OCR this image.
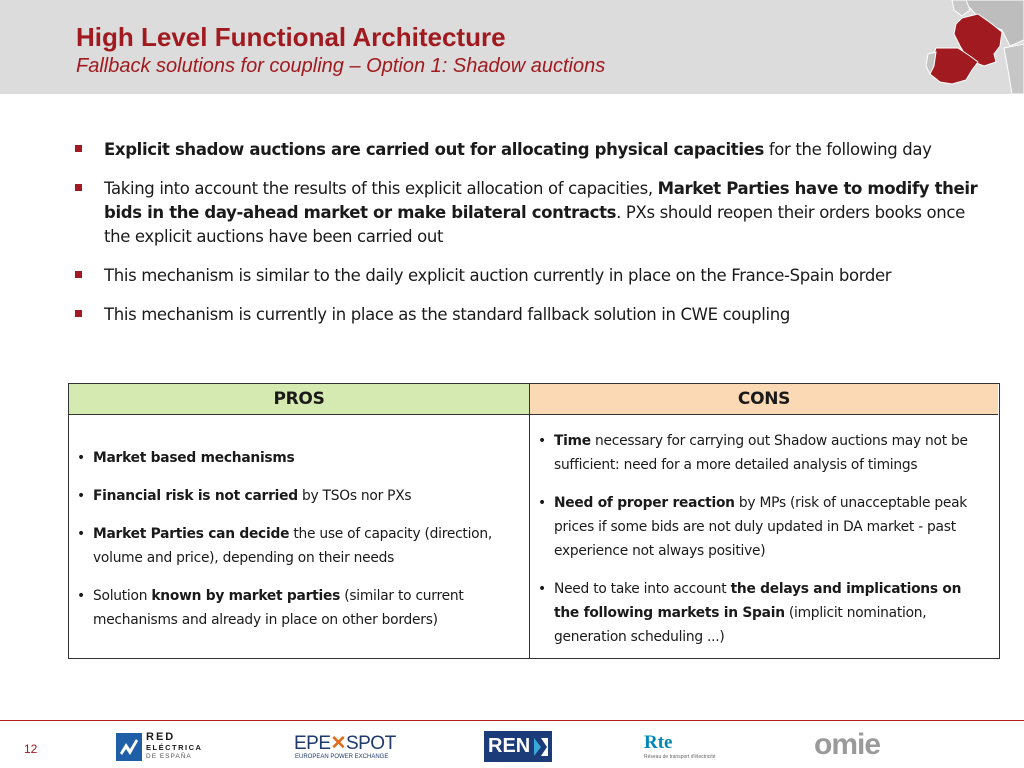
High Level Functional Architecture
Fallback solutions for coupling – Option 1: Shadow auctions
Explicit shadow auctions are carried out for allocating physical capacities for the following day
Taking into account the results of this explicit allocation of capacities, Market Parties have to modify their bids in the day-ahead market or make bilateral contracts. PXs should reopen their orders books once the explicit auctions have been carried out
This mechanism is similar to the daily explicit auction currently in place on the France-Spain border
This mechanism is currently in place as the standard fallback solution in CWE coupling
PROS
• Market based mechanisms
• Financial risk is not carried by TSOs nor PXs
• Market Parties can decide the use of capacity (direction, volume and price), depending on their needs
• Solution known by market parties (similar to current mechanisms and already in place on other borders)
CONS
• Time necessary for carrying out Shadow auctions may not be sufficient: need for a more detailed analysis of timings
• Need of proper reaction by MPs (risk of unacceptable peak prices if some bids are not duly updated in DA market - past experience not always positive)
• Need to take into account the delays and implications on the following markets in Spain (implicit nomination, generation scheduling ...)
12
RED
ELÉCTRICA
DE ESPAÑA
EPE✕SPOT
EUROPEAN POWER EXCHANGE	REN	Rte
Réseau de transport d'électricité	omie
